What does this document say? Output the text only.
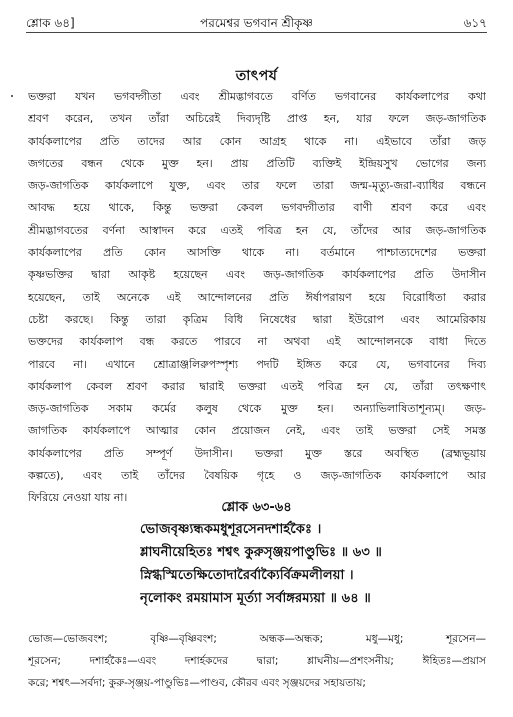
শ্লোক ৬৪]	পরমেশ্বর ভগবান শ্রীকৃষ্ণ	৬১৭
তাৎপর্য
ভক্তরা যখন ভগবদ্গীতা এবং শ্রীমদ্ভাগবতে বর্ণিত ভগবানের কার্যকলাপের কথা
শ্রবণ করেন, তখন তাঁরা অচিরেই দিব্যদৃষ্টি প্রাপ্ত হন, যার ফলে জড়-জাগতিক
কার্যকলাপের প্রতি তাদের আর কোন আগ্রহ থাকে না। এইভাবে তাঁরা জড়
জগতের বন্ধন থেকে মুক্ত হন। প্রায় প্রতিটি ব্যক্তিই ইন্দ্রিয়সুখ ভোগের জন্য
জড়-জাগতিক কার্যকলাপে যুক্ত, এবং তার ফলে তারা জন্ম-মৃত্যু-জরা-ব্যাধির বন্ধনে
আবদ্ধ হয়ে থাকে, কিন্তু ভক্তরা কেবল ভগবদ্গীতার বাণী শ্রবণ করে এবং
শ্রীমদ্ভাগবতের বর্ণনা আস্বাদন করে এতই পবিত্র হন যে, তাঁদের আর জড়-জাগতিক
কার্যকলাপের প্রতি কোন আসক্তি থাকে না। বর্তমানে পাশ্চাত্যদেশের ভক্তরা
কৃষ্ণভক্তির দ্বারা আকৃষ্ট হয়েছেন এবং জড়-জাগতিক কার্যকলাপের প্রতি উদাসীন
হয়েছেন, তাই অনেকে এই আন্দোলনের প্রতি ঈর্ষাপরায়ণ হয়ে বিরোধিতা করার
চেষ্টা করছে। কিন্তু তারা কৃত্রিম বিধি নিষেধের দ্বারা ইউরোপ এবং আমেরিকায়
ভক্তদের কার্যকলাপ বন্ধ করতে পারবে না অথবা এই আন্দোলনকে বাধা দিতে
পারবে না। এখানে শ্রোত্রাঞ্জলিরুপস্পৃশ্য পদটি ইঙ্গিত করে যে, ভগবানের দিব্য
কার্যকলাপ কেবল শ্রবণ করার দ্বারাই ভক্তরা এতই পবিত্র হন যে, তাঁরা তৎক্ষণাৎ
জড়-জাগতিক সকাম কর্মের কলুষ থেকে মুক্ত হন। অন্যাভিলাষিতাশূন্যম্। জড়-
জাগতিক কার্যকলাপে আত্মার কোন প্রয়োজন নেই, এবং তাই ভক্তরা সেই সমস্ত
কার্যকলাপের প্রতি সম্পূর্ণ উদাসীন। ভক্তরা মুক্ত স্তরে অবস্থিত (ব্রহ্মভূয়ায়
কল্পতে), এবং তাই তাঁদের বৈষয়িক গৃহে ও জড়-জাগতিক কার্যকলাপে আর
ফিরিয়ে নেওয়া যায় না।
শ্লোক ৬৩-৬৪
ভোজবৃষ্ণ্যন্ধকমধুশূরসেনদশার্হকৈঃ ।
শ্লাঘনীয়েহিতঃ শশ্বৎ কুরুসৃঞ্জয়পাণ্ডুভিঃ ॥ ৬৩ ॥
স্নিগ্ধস্মিতেক্ষিতোদারৈর্বাক্যৈর্বিক্রমলীলয়া ।
নৃলোকং রময়ামাস মূর্ত্যা সর্বাঙ্গরম্যয়া ॥ ৬৪ ॥
ভোজ—ভোজবংশ; বৃষ্ণি—বৃষ্ণিবংশ; অন্ধক—অন্ধক; মধু—মধু; শূরসেন—
শূরসেন; দশার্হকৈঃ—এবং দশার্হকদের দ্বারা; শ্লাঘনীয়—প্রশংসনীয়; ঈহিতঃ—প্রয়াস
করে; শশ্বৎ—সর্বদা; কুরু-সৃঞ্জয়-পাণ্ডুভিঃ—পাণ্ডব, কৌরব এবং সৃঞ্জয়দের সহায়তায়;
